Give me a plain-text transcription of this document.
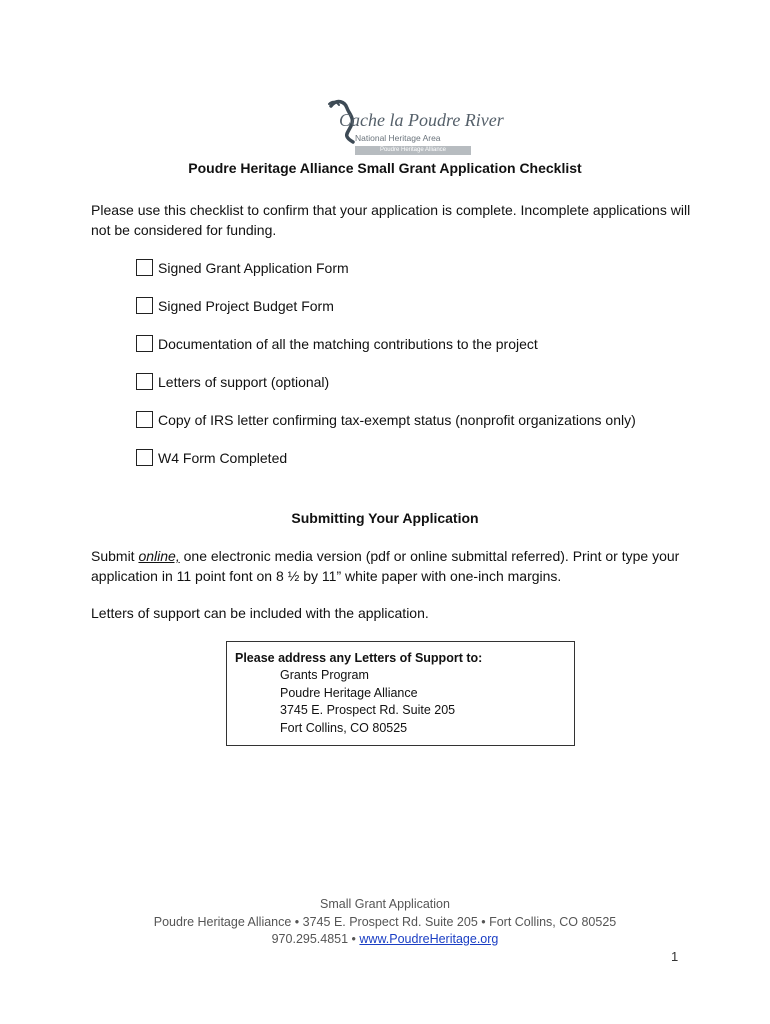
Cache la Poudre River
National Heritage Area
Poudre Heritage Alliance
Poudre Heritage Alliance Small Grant Application Checklist
Please use this checklist to confirm that your application is complete. Incomplete applications will not be considered for funding.
Signed Grant Application Form
Signed Project Budget Form
Documentation of all the matching contributions to the project
Letters of support (optional)
Copy of IRS letter confirming tax-exempt status (nonprofit organizations only)
W4 Form Completed
Submitting Your Application
Submit online, one electronic media version (pdf or online submittal referred). Print or type your application in 11 point font on 8 ½ by 11” white paper with one-inch margins.
Letters of support can be included with the application.
Please address any Letters of Support to:
Grants Program
Poudre Heritage Alliance
3745 E. Prospect Rd. Suite 205
Fort Collins, CO 80525
Small Grant Application
Poudre Heritage Alliance • 3745 E. Prospect Rd. Suite 205 • Fort Collins, CO 80525
970.295.4851 • www.PoudreHeritage.org
1
